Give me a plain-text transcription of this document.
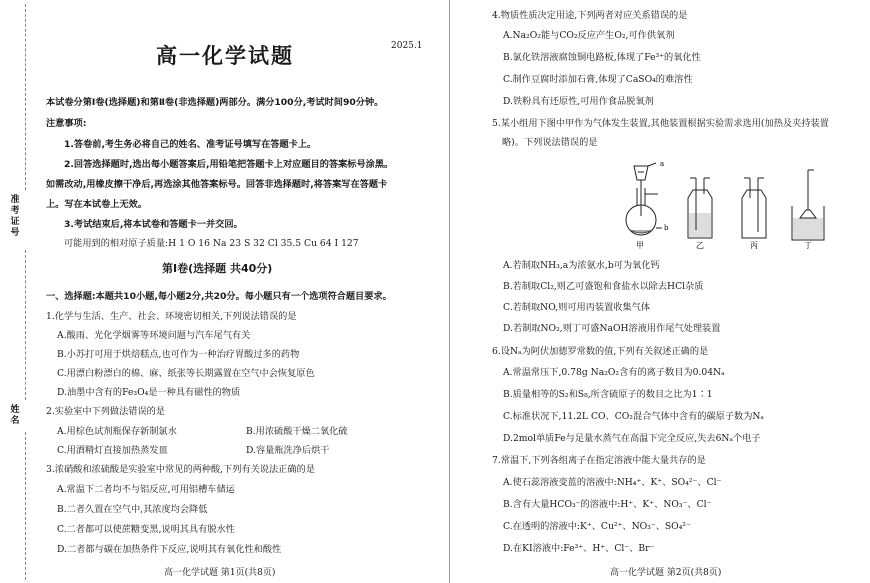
准考证号
姓名
高一化学试题	2025.1
本试卷分第Ⅰ卷(选择题)和第Ⅱ卷(非选择题)两部分。满分100分,考试时间90分钟。
注意事项:
1.答卷前,考生务必将自己的姓名、准考证号填写在答题卡上。
2.回答选择题时,选出每小题答案后,用铅笔把答题卡上对应题目的答案标号涂黑。
如需改动,用橡皮擦干净后,再选涂其他答案标号。回答非选择题时,将答案写在答题卡
上。写在本试卷上无效。
3.考试结束后,将本试卷和答题卡一并交回。
可能用到的相对原子质量:H 1 O 16 Na 23 S 32 Cl 35.5 Cu 64 I 127
第Ⅰ卷(选择题 共40分)
一、选择题:本题共10小题,每小题2分,共20分。每小题只有一个选项符合题目要求。
1.化学与生活、生产、社会、环境密切相关,下列说法错误的是
A.酸雨、光化学烟雾等环境问题与汽车尾气有关
B.小苏打可用于烘焙糕点,也可作为一种治疗胃酸过多的药物
C.用漂白粉漂白的棉、麻、纸张等长期露置在空气中会恢复原色
D.油墨中含有的Fe₃O₄是一种具有磁性的物质
2.实验室中下列做法错误的是
A.用棕色试剂瓶保存新制氯水	B.用浓硫酸干燥二氧化硫
C.用酒精灯直接加热蒸发皿	D.容量瓶洗净后烘干
3.浓硝酸和浓硫酸是实验室中常见的两种酸,下列有关说法正确的是
A.常温下二者均不与铝反应,可用铝槽车储运
B.二者久置在空气中,其浓度均会降低
C.二者都可以使蔗糖变黑,说明其具有脱水性
D.二者都与碳在加热条件下反应,说明其有氧化性和酸性
高一化学试题 第1页(共8页)
4.物质性质决定用途,下列两者对应关系错误的是
A.Na₂O₂能与CO₂反应产生O₂,可作供氧剂
B.氯化铁溶液腐蚀铜电路板,体现了Fe³⁺的氧化性
C.制作豆腐时添加石膏,体现了CaSO₄的难溶性
D.铁粉具有还原性,可用作食品脱氧剂
5.某小组用下图中甲作为气体发生装置,其他装置根据实验需求选用(加热及夹持装置
略)。下列说法错误的是
a
b
甲	乙	丙	丁
A.若制取NH₃,a为浓氨水,b可为氧化钙
B.若制取Cl₂,则乙可盛饱和食盐水以除去HCl杂质
C.若制取NO,则可用丙装置收集气体
D.若制取NO₂,则丁可盛NaOH溶液用作尾气处理装置
6.设Nₐ为阿伏加德罗常数的值,下列有关叙述正确的是
A.常温常压下,0.78g Na₂O₂含有的离子数目为0.04Nₐ
B.质量相等的S₂和S₈,所含硫原子的数目之比为1∶1
C.标准状况下,11.2L CO、CO₂混合气体中含有的碳原子数为Nₐ
D.2mol单质Fe与足量水蒸气在高温下完全反应,失去6Nₐ个电子
7.常温下,下列各组离子在指定溶液中能大量共存的是
A.使石蕊溶液变蓝的溶液中:NH₄⁺、K⁺、SO₄²⁻、Cl⁻
B.含有大量HCO₃⁻的溶液中:H⁺、K⁺、NO₃⁻、Cl⁻
C.在透明的溶液中:K⁺、Cu²⁺、NO₃⁻、SO₄²⁻
D.在KI溶液中:Fe³⁺、H⁺、Cl⁻、Br⁻
高一化学试题 第2页(共8页)
